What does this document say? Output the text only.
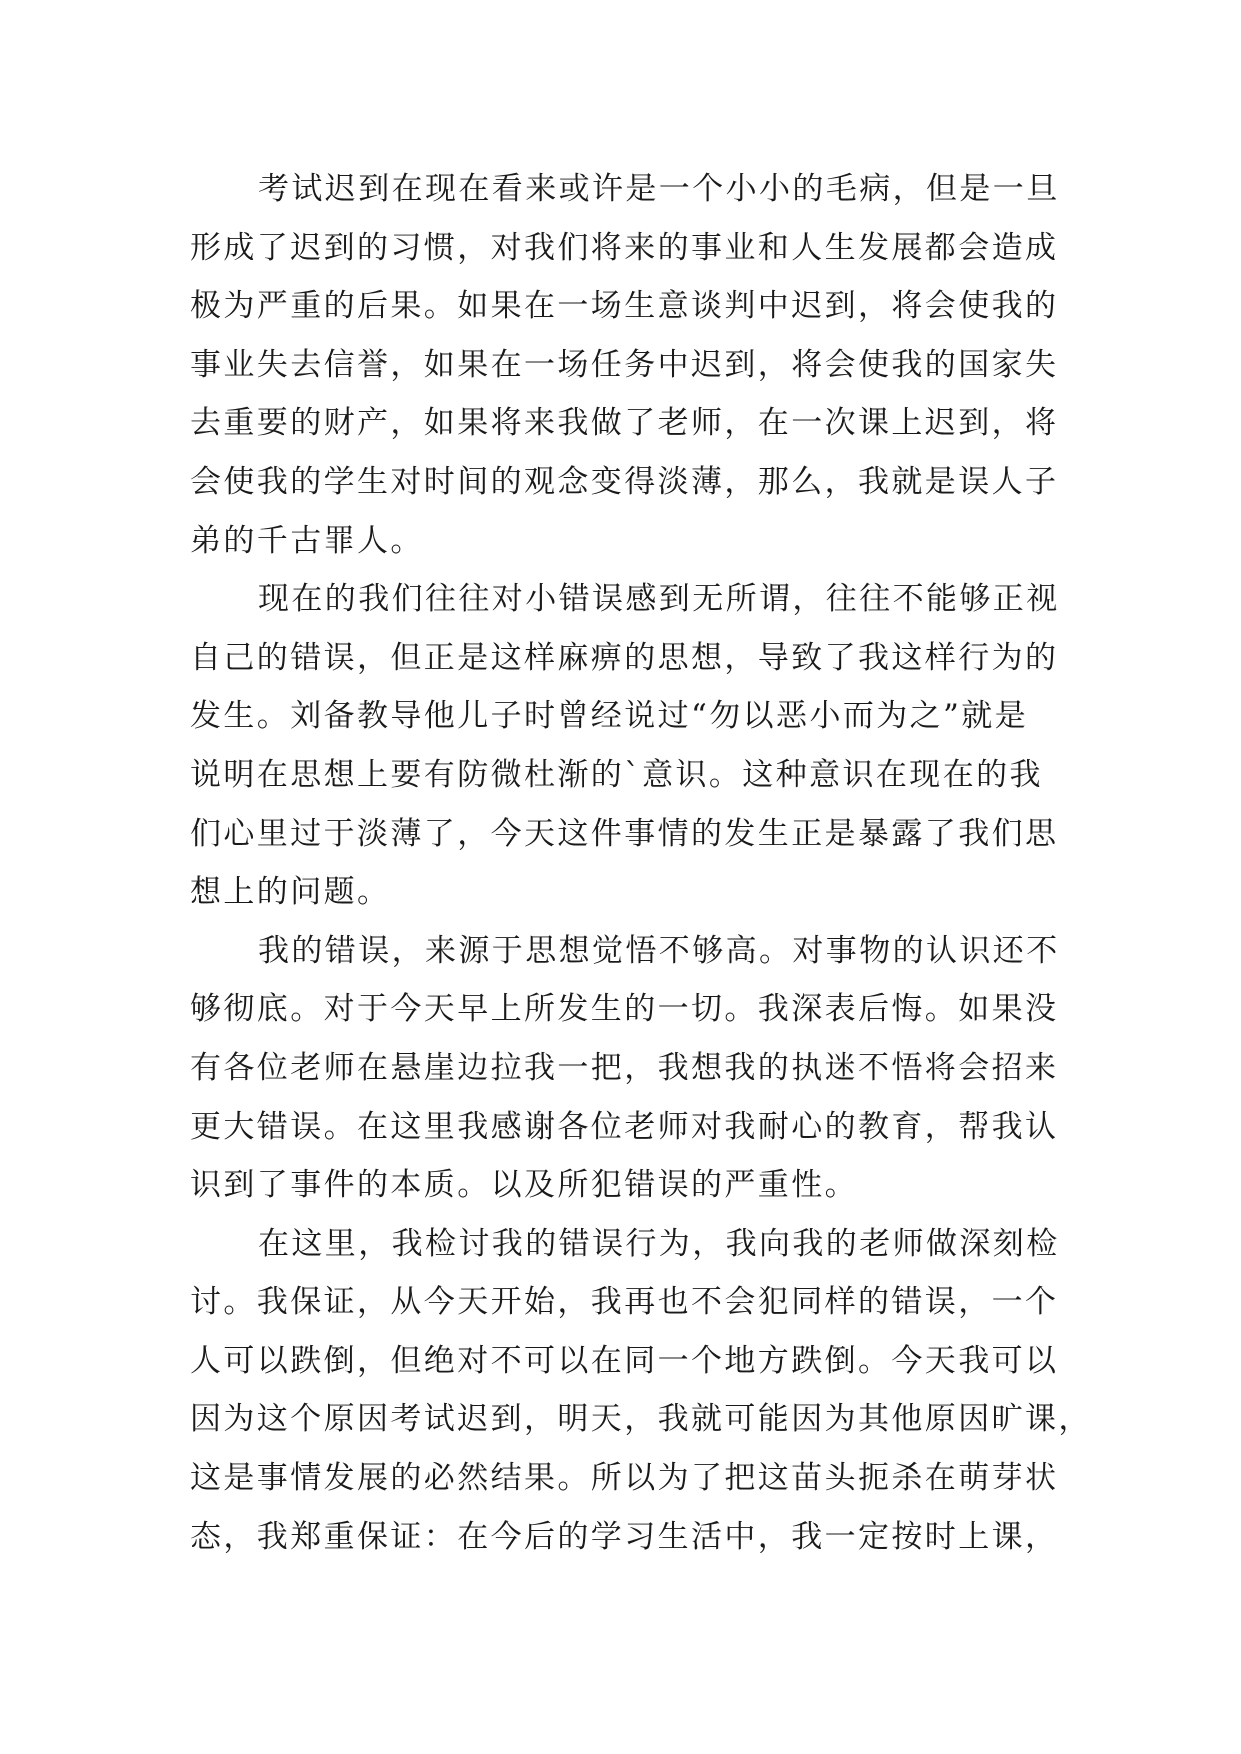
考试迟到在现在看来或许是一个小小的毛病，但是一旦
形成了迟到的习惯，对我们将来的事业和人生发展都会造成
极为严重的后果。如果在一场生意谈判中迟到，将会使我的
事业失去信誉，如果在一场任务中迟到，将会使我的国家失
去重要的财产，如果将来我做了老师，在一次课上迟到，将
会使我的学生对时间的观念变得淡薄，那么，我就是误人子
弟的千古罪人。
现在的我们往往对小错误感到无所谓，往往不能够正视
自己的错误，但正是这样麻痹的思想，导致了我这样行为的
发生。刘备教导他儿子时曾经说过“勿以恶小而为之”就是
说明在思想上要有防微杜渐的`意识。这种意识在现在的我
们心里过于淡薄了，今天这件事情的发生正是暴露了我们思
想上的问题。
我的错误，来源于思想觉悟不够高。对事物的认识还不
够彻底。对于今天早上所发生的一切。我深表后悔。如果没
有各位老师在悬崖边拉我一把，我想我的执迷不悟将会招来
更大错误。在这里我感谢各位老师对我耐心的教育，帮我认
识到了事件的本质。以及所犯错误的严重性。
在这里，我检讨我的错误行为，我向我的老师做深刻检
讨。我保证，从今天开始，我再也不会犯同样的错误，一个
人可以跌倒，但绝对不可以在同一个地方跌倒。今天我可以
因为这个原因考试迟到，明天，我就可能因为其他原因旷课，
这是事情发展的必然结果。所以为了把这苗头扼杀在萌芽状
态，我郑重保证：在今后的学习生活中，我一定按时上课，
